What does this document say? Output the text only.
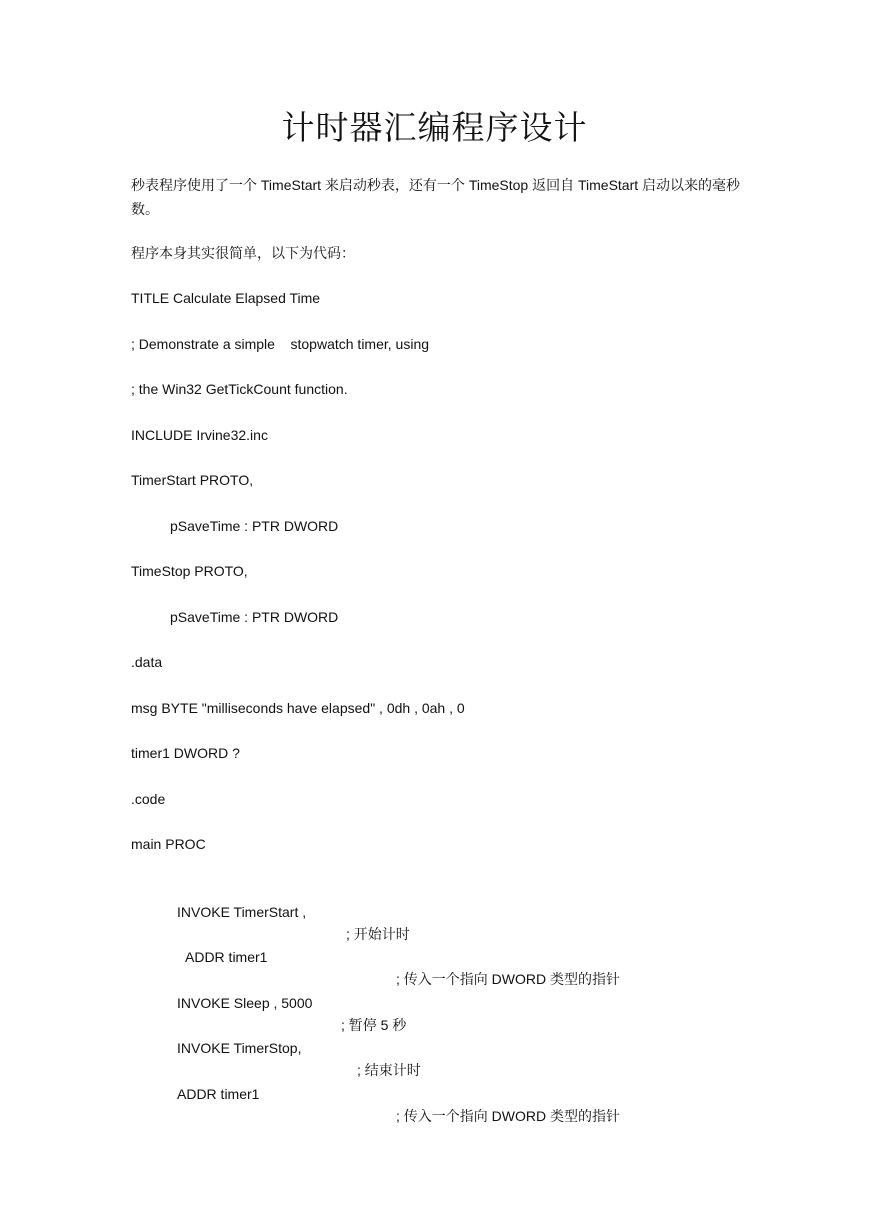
计时器汇编程序设计
秒表程序使用了一个 TimeStart 来启动秒表，还有一个 TimeStop 返回自 TimeStart 启动以来的毫秒数。
程序本身其实很简单，以下为代码：
TITLE Calculate Elapsed Time
; Demonstrate a simple    stopwatch timer, using
; the Win32 GetTickCount function.
INCLUDE Irvine32.inc
TimerStart PROTO,
pSaveTime : PTR DWORD
TimeStop PROTO,
pSaveTime : PTR DWORD
.data
msg BYTE "milliseconds have elapsed" , 0dh , 0ah , 0
timer1 DWORD ?
.code
main PROC

INVOKE TimerStart ,

; 开始计时

ADDR timer1

; 传入一个指向 DWORD 类型的指针

INVOKE Sleep , 5000

; 暂停 5 秒

INVOKE TimerStop,

; 结束计时

ADDR timer1

; 传入一个指向 DWORD 类型的指针
